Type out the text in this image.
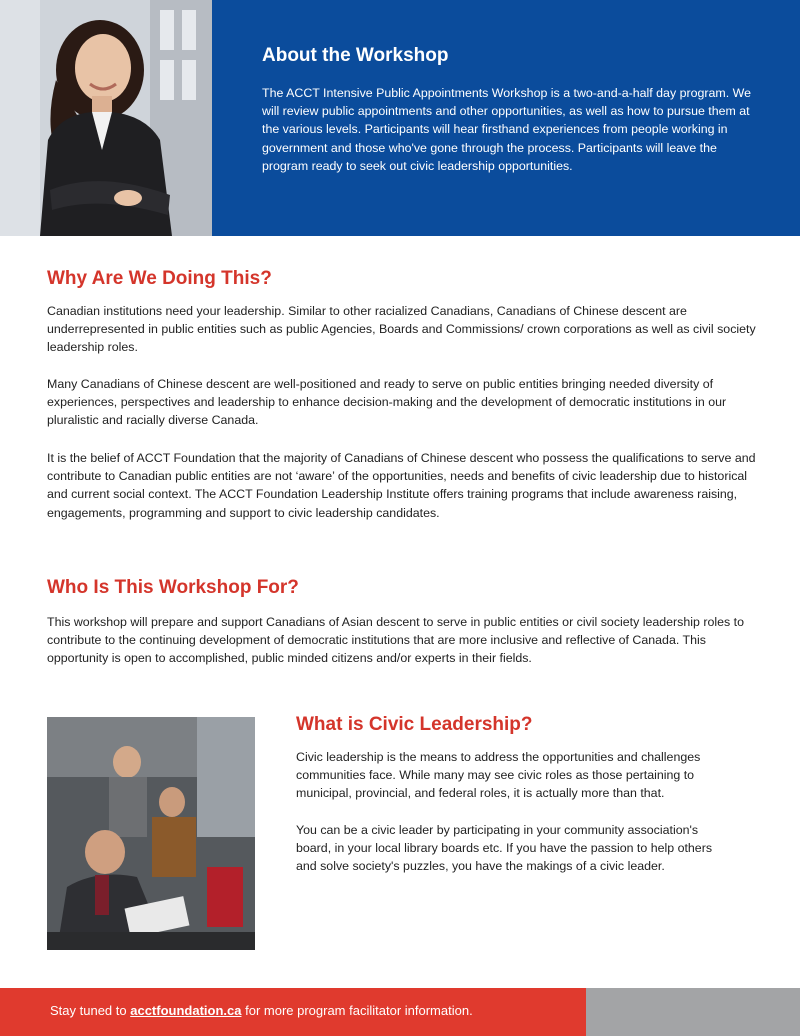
About the Workshop

The ACCT Intensive Public Appointments Workshop is a two-and-a-half day program. We will review public appointments and other opportunities, as well as how to pursue them at the various levels. Participants will hear firsthand experiences from people working in government and those who've gone through the process. Participants will leave the program ready to seek out civic leadership opportunities.

Why Are We Doing This?

Canadian institutions need your leadership. Similar to other racialized Canadians, Canadians of Chinese descent are underrepresented in public entities such as public Agencies, Boards and Commissions/ crown corporations as well as civil society leadership roles.

Many Canadians of Chinese descent are well-positioned and ready to serve on public entities bringing needed diversity of experiences, perspectives and leadership to enhance decision-making and the development of democratic institutions in our pluralistic and racially diverse Canada.

It is the belief of ACCT Foundation that the majority of Canadians of Chinese descent who possess the qualifications to serve and contribute to Canadian public entities are not ‘aware’ of the opportunities, needs and benefits of civic leadership due to historical and current social context. The ACCT Foundation Leadership Institute offers training programs that include awareness raising, engagements, programming and support to civic leadership candidates.

Who Is This Workshop For?

This workshop will prepare and support Canadians of Asian descent to serve in public entities or civil society leadership roles to contribute to the continuing development of democratic institutions that are more inclusive and reflective of Canada. This opportunity is open to accomplished, public minded citizens and/or experts in their fields.

What is Civic Leadership?

Civic leadership is the means to address the opportunities and challenges communities face. While many may see civic roles as those pertaining to municipal, provincial, and federal roles, it is actually more than that.

You can be a civic leader by participating in your community association's board, in your local library boards etc. If you have the passion to help others and solve society's puzzles, you have the makings of a civic leader.

Stay tuned to acctfoundation.ca for more program facilitator information.
